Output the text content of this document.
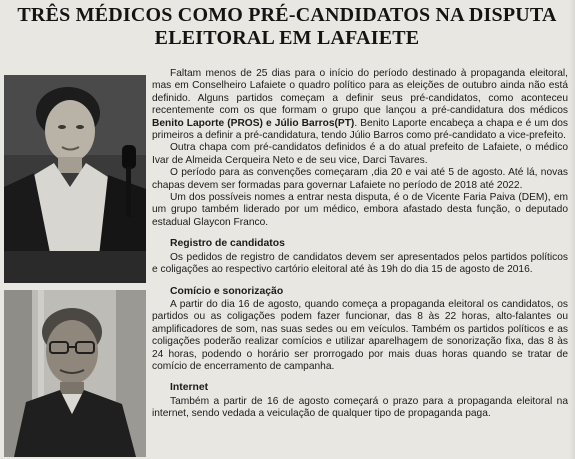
TRÊS MÉDICOS COMO PRÉ-CANDIDATOS NA DISPUTA
ELEITORAL EM LAFAIETE

Faltam menos de 25 dias para o início do período destinado à propaganda eleitoral, mas em Conselheiro Lafaiete o quadro político para as eleições de outubro ainda não está definido. Alguns partidos começam a definir seus pré-candidatos, como aconteceu recentemente com os que formam o grupo que lançou a pré-candidatura dos médicos Benito Laporte (PROS) e Júlio Barros(PT). Benito Laporte encabeça a chapa e é um dos primeiros a definir a pré-candidatura, tendo Júlio Barros como pré-candidato a vice-prefeito.

Outra chapa com pré-candidatos definidos é a do atual prefeito de Lafaiete, o médico Ivar de Almeida Cerqueira Neto e de seu vice, Darci Tavares.

O período para as convenções começaram ,dia 20 e vai até 5 de agosto. Até lá, novas chapas devem ser formadas para governar Lafaiete no período de 2018 até 2022.

Um dos possíveis nomes a entrar nesta disputa, é o de Vicente Faria Paiva (DEM), em um grupo também liderado por um médico, embora afastado desta função, o deputado estadual Glaycon Franco.

Registro de candidatos

Os pedidos de registro de candidatos devem ser apresentados pelos partidos políticos e coligações ao respectivo cartório eleitoral até às 19h do dia 15 de agosto de 2016.

Comício e sonorização

A partir do dia 16 de agosto, quando começa a propaganda eleitoral os candidatos, os partidos ou as coligações podem fazer funcionar, das 8 às 22 horas, alto-falantes ou amplificadores de som, nas suas sedes ou em veículos. Também os partidos políticos e as coligações poderão realizar comícios e utilizar aparelhagem de sonorização fixa, das 8 às 24 horas, podendo o horário ser prorrogado por mais duas horas quando se tratar de comício de encerramento de campanha.

Internet

Também a partir de 16 de agosto começará o prazo para a propaganda eleitoral na internet, sendo vedada a veiculação de qualquer tipo de propaganda paga.
